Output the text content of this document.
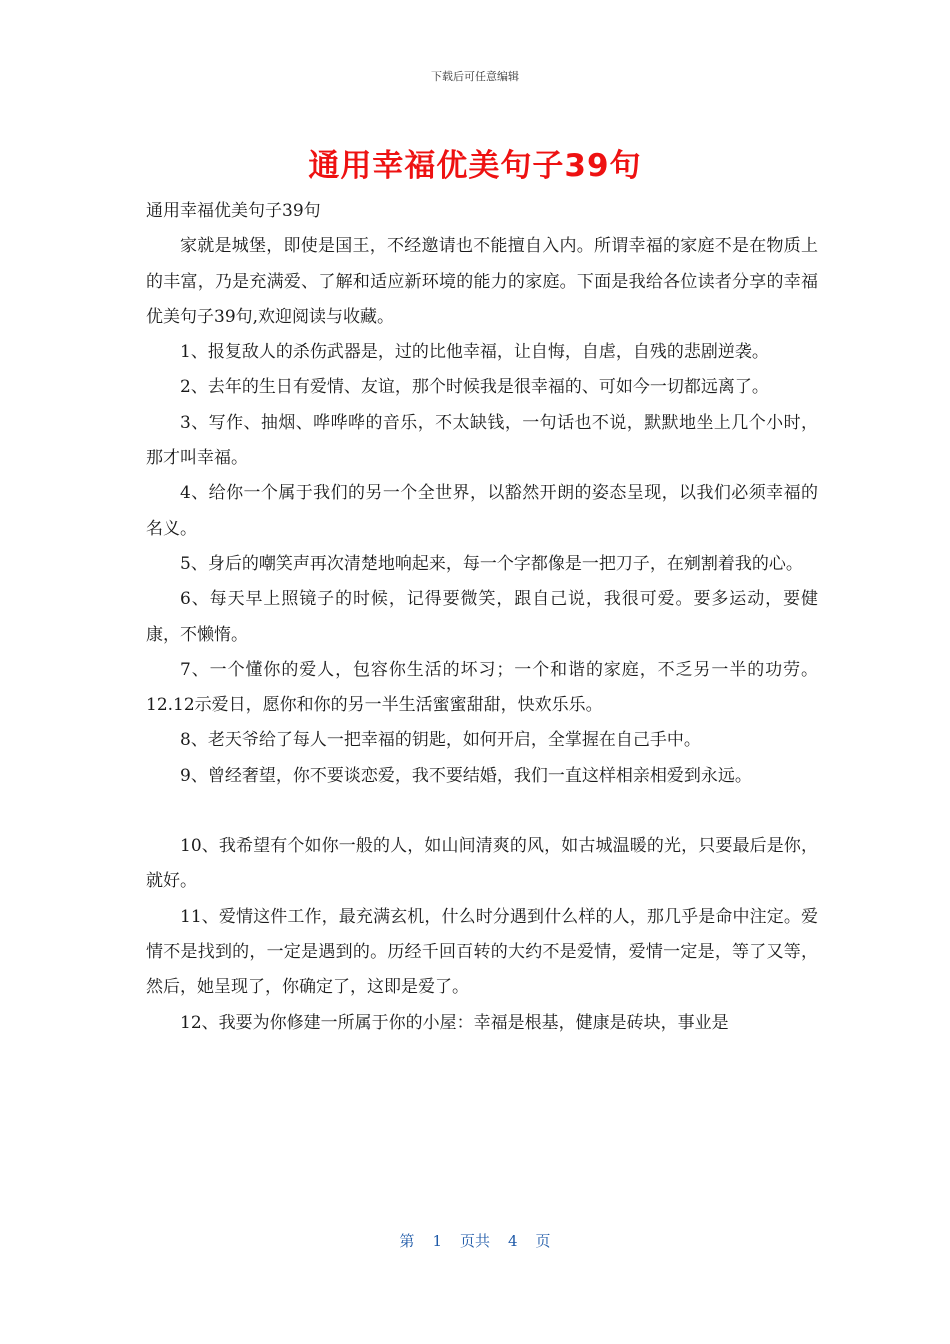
下载后可任意编辑
通用幸福优美句子39句

通用幸福优美句子39句

家就是城堡，即使是国王，不经邀请也不能擅自入内。所谓幸福的家庭不是在物质上的丰富，乃是充满爱、了解和适应新环境的能力的家庭。下面是我给各位读者分享的幸福优美句子39句,欢迎阅读与收藏。

1、报复敌人的杀伤武器是，过的比他幸福，让自悔，自虐，自残的悲剧逆袭。

2、去年的生日有爱情、友谊，那个时候我是很幸福的、可如今一切都远离了。

3、写作、抽烟、哗哗哗的音乐，不太缺钱，一句话也不说，默默地坐上几个小时，那才叫幸福。

4、给你一个属于我们的另一个全世界，以豁然开朗的姿态呈现，以我们必须幸福的名义。

5、身后的嘲笑声再次清楚地响起来，每一个字都像是一把刀子，在剜割着我的心。

6、每天早上照镜子的时候，记得要微笑，跟自己说，我很可爱。要多运动，要健康，不懒惰。

7、一个懂你的爱人，包容你生活的坏习；一个和谐的家庭，不乏另一半的功劳。12.12示爱日，愿你和你的另一半生活蜜蜜甜甜，快欢乐乐。

8、老天爷给了每人一把幸福的钥匙，如何开启，全掌握在自己手中。

9、曾经奢望，你不要谈恋爱，我不要结婚，我们一直这样相亲相爱到永远。

10、我希望有个如你一般的人，如山间清爽的风，如古城温暖的光，只要最后是你，就好。

11、爱情这件工作，最充满玄机，什么时分遇到什么样的人，那几乎是命中注定。爱情不是找到的，一定是遇到的。历经千回百转的大约不是爱情，爱情一定是，等了又等，然后，她呈现了，你确定了，这即是爱了。

12、我要为你修建一所属于你的小屋：幸福是根基，健康是砖块，事业是

第 1 页共 4 页
